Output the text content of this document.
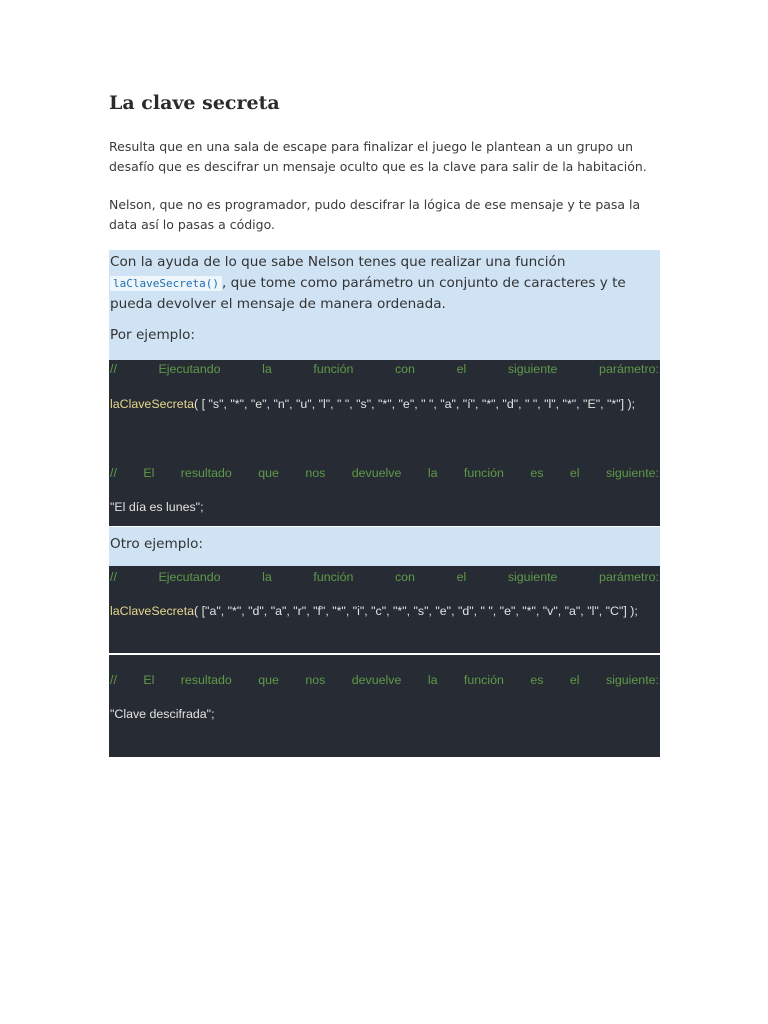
La clave secreta

Resulta que en una sala de escape para finalizar el juego le plantean a un grupo un desafío que es descifrar un mensaje oculto que es la clave para salir de la habitación.

Nelson, que no es programador, pudo descifrar la lógica de ese mensaje y te pasa la data así lo pasas a código.

Con la ayuda de lo que sabe Nelson tenes que realizar una función laClaveSecreta() , que tome como parámetro un conjunto de caracteres y te pueda devolver el mensaje de manera ordenada.

Por ejemplo:

//	Ejecutando	la	función	con	el	siguiente	parámetro:
laClaveSecreta( [ "s", "*", "e", "n", "u", "l", " ", "s", "*", "e", " ", "a", "í", "*", "d", " ", "l", "*", "E", "*"] );
// El resultado que nos devuelve la función es el siguiente:
"El día es lunes";

Otro ejemplo:

//	Ejecutando	la	función	con	el	siguiente	parámetro:
laClaveSecreta( ["a", "*", "d", "a", "r", "f", "*", "i", "c", "*", "s", "e", "d", " ", "e", "*", "v", "a", "l", "C"] );
// El resultado que nos devuelve la función es el siguiente:
"Clave descifrada";
